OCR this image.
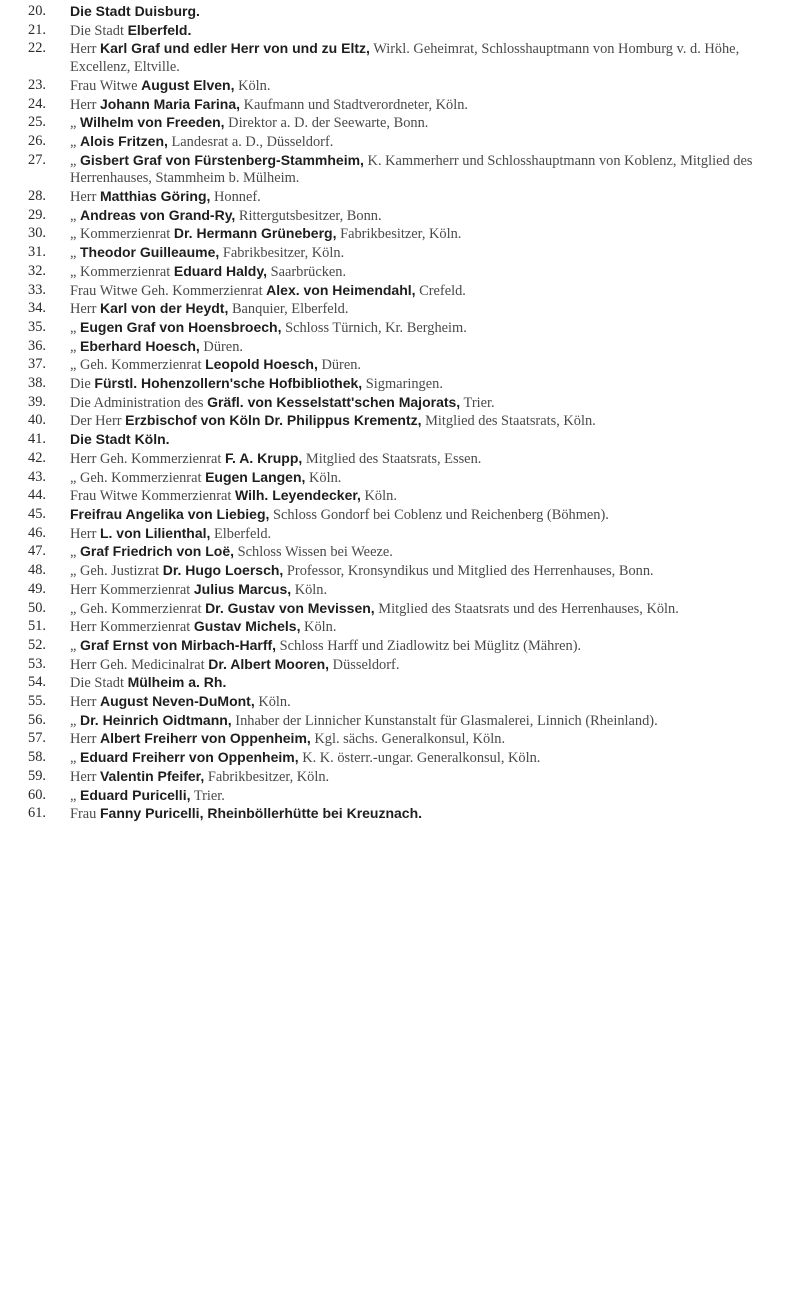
20. Die Stadt Duisburg.
21. Die Stadt Elberfeld.
22. Herr Karl Graf und edler Herr von und zu Eltz, Wirkl. Geheimrat, Schlosshauptmann von Homburg v. d. Höhe, Excellenz, Eltville.
23. Frau Witwe August Elven, Köln.
24. Herr Johann Maria Farina, Kaufmann und Stadtverordneter, Köln.
25. „ Wilhelm von Freeden, Direktor a. D. der Seewarte, Bonn.
26. „ Alois Fritzen, Landesrat a. D., Düsseldorf.
27. „ Gisbert Graf von Fürstenberg-Stammheim, K. Kammerherr und Schlosshauptmann von Koblenz, Mitglied des Herrenhauses, Stammheim b. Mülheim.
28. Herr Matthias Göring, Honnef.
29. „ Andreas von Grand-Ry, Rittergutsbesitzer, Bonn.
30. „ Kommerzienrat Dr. Hermann Grüneberg, Fabrikbesitzer, Köln.
31. „ Theodor Guilleaume, Fabrikbesitzer, Köln.
32. „ Kommerzienrat Eduard Haldy, Saarbrücken.
33. Frau Witwe Geh. Kommerzienrat Alex. von Heimendahl, Crefeld.
34. Herr Karl von der Heydt, Banquier, Elberfeld.
35. „ Eugen Graf von Hoensbroech, Schloss Türnich, Kr. Bergheim.
36. „ Eberhard Hoesch, Düren.
37. „ Geh. Kommerzienrat Leopold Hoesch, Düren.
38. Die Fürstl. Hohenzollern'sche Hofbibliothek, Sigmaringen.
39. Die Administration des Gräfl. von Kesselstatt'schen Majorats, Trier.
40. Der Herr Erzbischof von Köln Dr. Philippus Krementz, Mitglied des Staatsrats, Köln.
41. Die Stadt Köln.
42. Herr Geh. Kommerzienrat F. A. Krupp, Mitglied des Staatsrats, Essen.
43. „ Geh. Kommerzienrat Eugen Langen, Köln.
44. Frau Witwe Kommerzienrat Wilh. Leyendecker, Köln.
45. Freifrau Angelika von Liebieg, Schloss Gondorf bei Coblenz und Reichenberg (Böhmen).
46. Herr L. von Lilienthal, Elberfeld.
47. „ Graf Friedrich von Loë, Schloss Wissen bei Weeze.
48. „ Geh. Justizrat Dr. Hugo Loersch, Professor, Kronsyndikus und Mitglied des Herrenhauses, Bonn.
49. Herr Kommerzienrat Julius Marcus, Köln.
50. „ Geh. Kommerzienrat Dr. Gustav von Mevissen, Mitglied des Staatsrats und des Herrenhauses, Köln.
51. Herr Kommerzienrat Gustav Michels, Köln.
52. „ Graf Ernst von Mirbach-Harff, Schloss Harff und Ziadlowitz bei Müglitz (Mähren).
53. Herr Geh. Medicinalrat Dr. Albert Mooren, Düsseldorf.
54. Die Stadt Mülheim a. Rh.
55. Herr August Neven-DuMont, Köln.
56. „ Dr. Heinrich Oidtmann, Inhaber der Linnicher Kunstanstalt für Glasmalerei, Linnich (Rheinland).
57. Herr Albert Freiherr von Oppenheim, Kgl. sächs. Generalkonsul, Köln.
58. „ Eduard Freiherr von Oppenheim, K. K. österr.-ungar. Generalkonsul, Köln.
59. Herr Valentin Pfeifer, Fabrikbesitzer, Köln.
60. „ Eduard Puricelli, Trier.
61. Frau Fanny Puricelli, Rheinböllerhütte bei Kreuznach.
